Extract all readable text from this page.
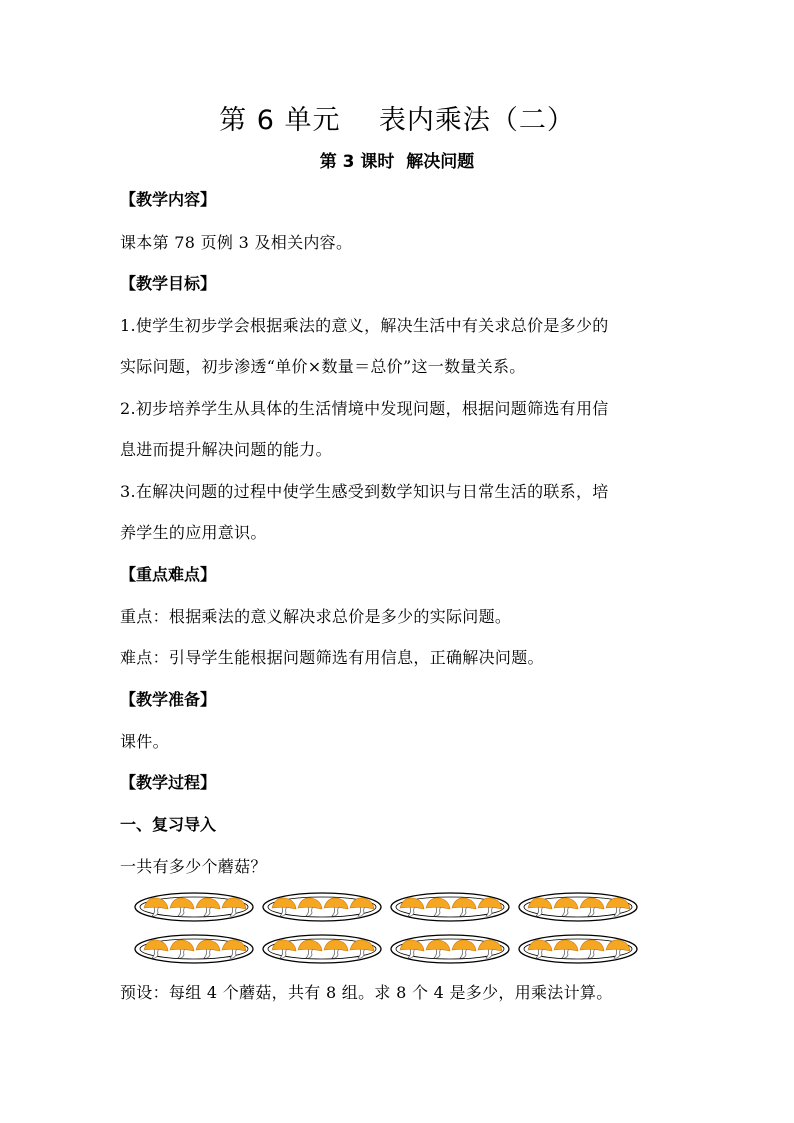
第 6 单元    表内乘法（二）
第 3 课时  解决问题
【教学内容】
课本第 78 页例 3 及相关内容。
【教学目标】
1.使学生初步学会根据乘法的意义，解决生活中有关求总价是多少的
实际问题，初步渗透“单价×数量＝总价”这一数量关系。
2.初步培养学生从具体的生活情境中发现问题，根据问题筛选有用信
息进而提升解决问题的能力。
3.在解决问题的过程中使学生感受到数学知识与日常生活的联系，培
养学生的应用意识。
【重点难点】
重点：根据乘法的意义解决求总价是多少的实际问题。
难点：引导学生能根据问题筛选有用信息，正确解决问题。
【教学准备】
课件。
【教学过程】
一、复习导入
一共有多少个蘑菇？
预设：每组 4 个蘑菇，共有 8 组。求 8 个 4 是多少，用乘法计算。
